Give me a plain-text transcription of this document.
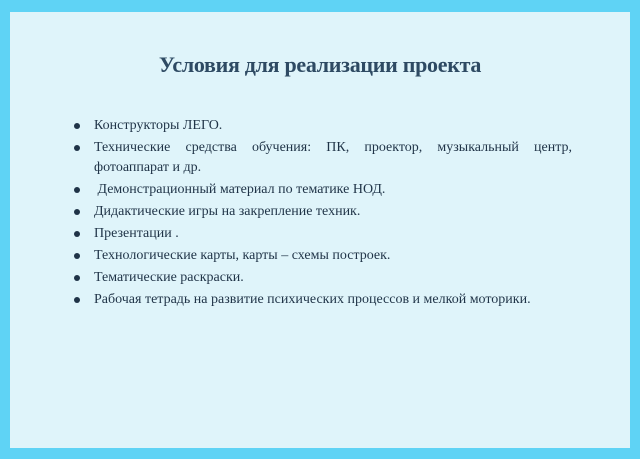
Условия для реализации проекта
Конструкторы ЛЕГО.
Технические средства обучения: ПК, проектор, музыкальный центр, фотоаппарат и др.
Демонстрационный материал по тематике НОД.
Дидактические игры на закрепление техник.
Презентации .
Технологические карты, карты – схемы построек.
Тематические раскраски.
Рабочая тетрадь на развитие психических процессов и мелкой моторики.
